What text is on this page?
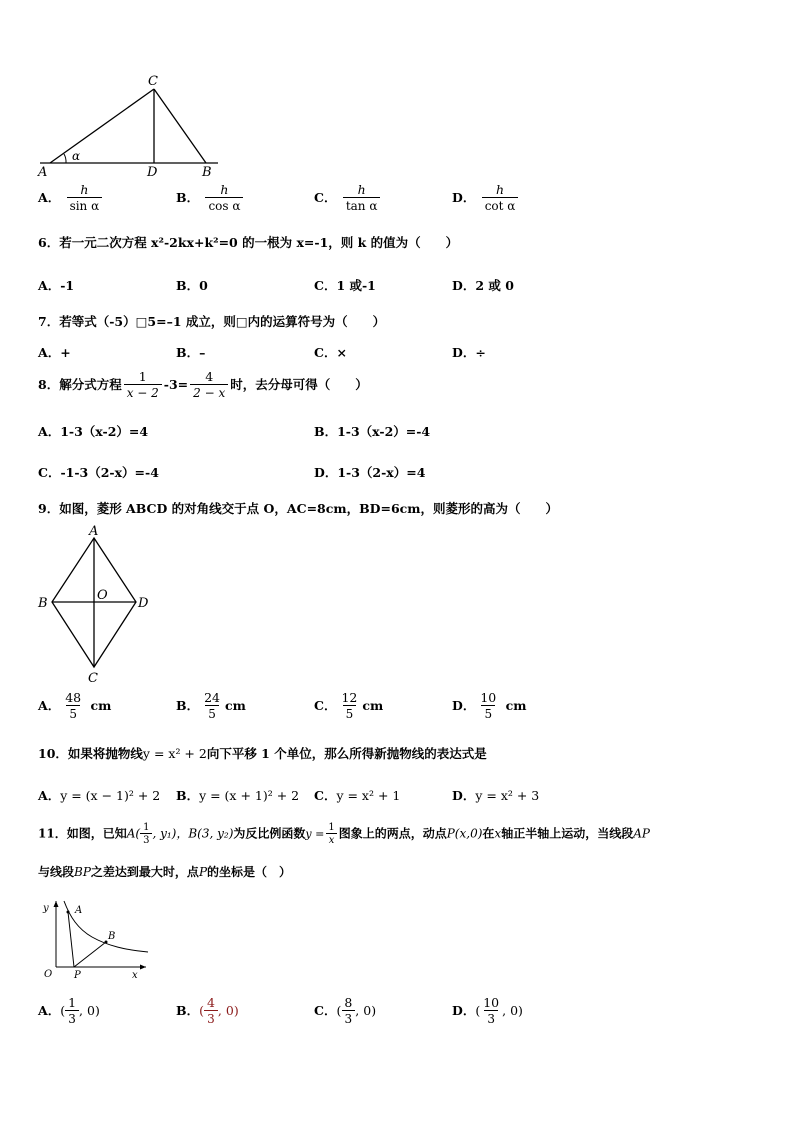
C
α
A	D	B
A． $\frac{h}{\text{sin α}}$	B． $\frac{h}{\text{cos α}}$	C． $\frac{h}{\text{tan α}}$	D． $\frac{h}{\text{cot α}}$
6．若一元二次方程 x²-2kx+k²=0 的一根为 x=-1，则 k 的值为（　　）
A．-1	B．0	C．1 或-1	D．2 或 0
7．若等式（-5）□5=–1 成立，则□内的运算符号为（　　）
A．+	B．–	C．×	D．÷
8．解分式方程 $\frac{1}{x - 2} -3= \frac{4}{2 - x}$ 时，去分母可得（　　）
A．1-3（x-2）=4	B．1-3（x-2）=-4
C．-1-3（2-x）=-4	D．1-3（2-x）=4
9．如图，菱形 ABCD 的对角线交于点 O，AC=8cm，BD=6cm，则菱形的高为（　　）
A
B
O
D
C
A． $\frac{48}{5}$ cm	B． $\frac{24}{5}$ cm	C． $\frac{12}{5}$ cm	D． $\frac{10}{5}$ cm
10．如果将抛物线y = x² + 2向下平移 1 个单位，那么所得新抛物线的表达式是
A．y = (x − 1)² + 2 B．y = (x + 1)² + 2 C．y = x² + 1	D．y = x² + 3
11．如图，已知$A( \frac{1}{3}$ , y₁)，B(3, y₂)为反比例函数$y = \frac{1}{x}$ 图象上的两点，动点P(x,0)在x轴正半轴上运动，当线段AP
与线段BP之差达到最大时，点P的坐标是（　）
y	A
B
O P	x
A．( $\frac{1}{3}$ , 0)	B．( $\frac{4}{3}$ , 0)	C．( $\frac{8}{3}$ , 0)	D．( $\frac{10}{3}$ , 0)
